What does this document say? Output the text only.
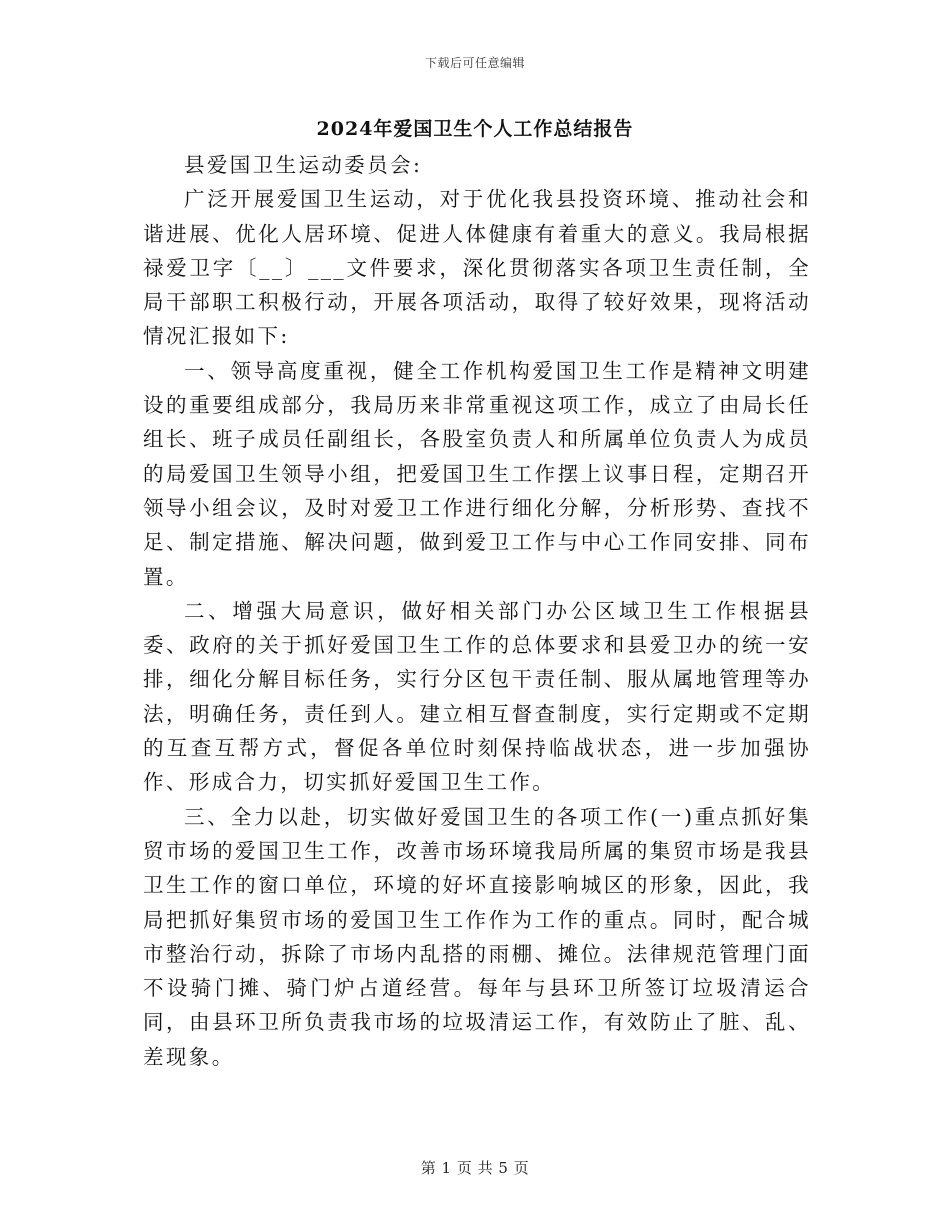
下载后可任意编辑
2024年爱国卫生个人工作总结报告

县爱国卫生运动委员会:

广泛开展爱国卫生运动，对于优化我县投资环境、推动社会和谐进展、优化人居环境、促进人体健康有着重大的意义。我局根据禄爱卫字〔__〕___文件要求，深化贯彻落实各项卫生责任制，全局干部职工积极行动，开展各项活动，取得了较好效果，现将活动情况汇报如下:

一、领导高度重视，健全工作机构爱国卫生工作是精神文明建设的重要组成部分，我局历来非常重视这项工作，成立了由局长任组长、班子成员任副组长，各股室负责人和所属单位负责人为成员的局爱国卫生领导小组，把爱国卫生工作摆上议事日程，定期召开领导小组会议，及时对爱卫工作进行细化分解，分析形势、查找不足、制定措施、解决问题，做到爱卫工作与中心工作同安排、同布置。

二、增强大局意识，做好相关部门办公区域卫生工作根据县委、政府的关于抓好爱国卫生工作的总体要求和县爱卫办的统一安排，细化分解目标任务，实行分区包干责任制、服从属地管理等办法，明确任务，责任到人。建立相互督查制度，实行定期或不定期的互查互帮方式，督促各单位时刻保持临战状态，进一步加强协作、形成合力，切实抓好爱国卫生工作。

三、全力以赴，切实做好爱国卫生的各项工作(一)重点抓好集贸市场的爱国卫生工作，改善市场环境我局所属的集贸市场是我县卫生工作的窗口单位，环境的好坏直接影响城区的形象，因此，我局把抓好集贸市场的爱国卫生工作作为工作的重点。同时，配合城市整治行动，拆除了市场内乱搭的雨棚、摊位。法律规范管理门面不设骑门摊、骑门炉占道经营。每年与县环卫所签订垃圾清运合同，由县环卫所负责我市场的垃圾清运工作，有效防止了脏、乱、差现象。

第 1 页 共 5 页
